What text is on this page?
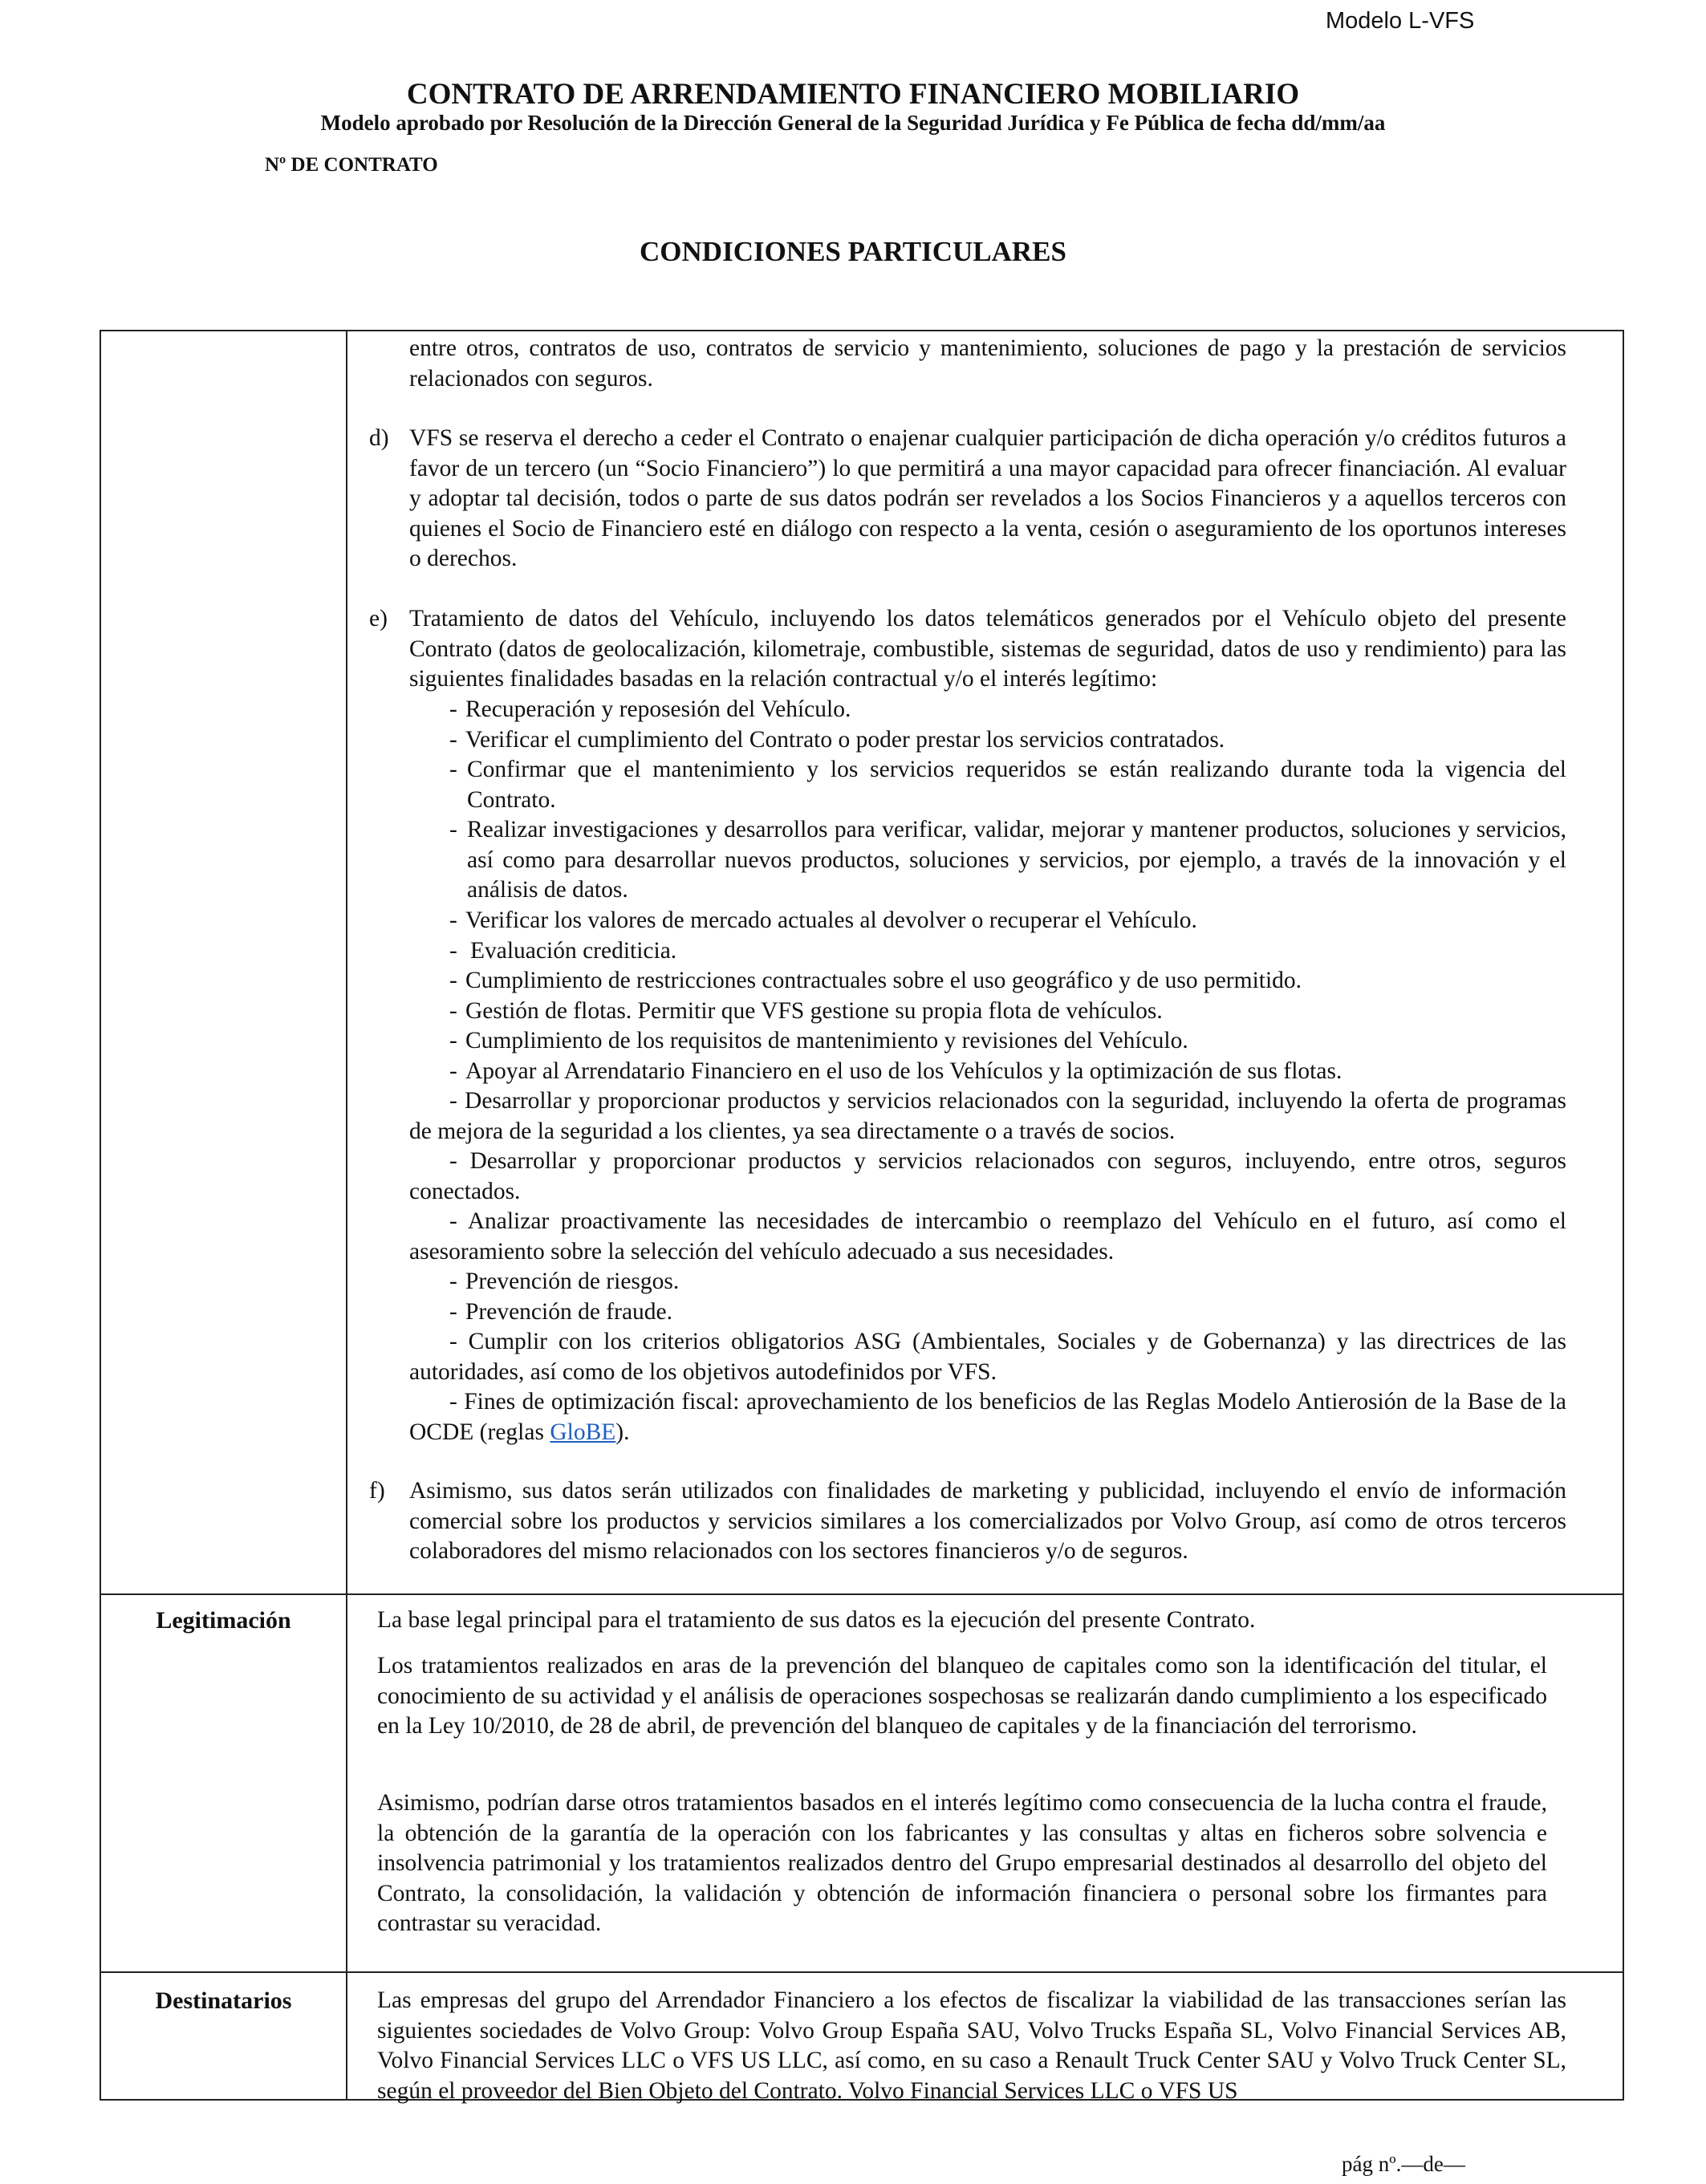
Modelo L-VFS
CONTRATO DE ARRENDAMIENTO FINANCIERO MOBILIARIO
Modelo aprobado por Resolución de la Dirección General de la Seguridad Jurídica y Fe Pública de fecha dd/mm/aa
Nº DE CONTRATO
CONDICIONES PARTICULARES

entre otros, contratos de uso, contratos de servicio y mantenimiento, soluciones de pago y la prestación de servicios relacionados con seguros.

d) VFS se reserva el derecho a ceder el Contrato o enajenar cualquier participación de dicha operación y/o créditos futuros a favor de un tercero (un “Socio Financiero”) lo que permitirá a una mayor capacidad para ofrecer financiación. Al evaluar y adoptar tal decisión, todos o parte de sus datos podrán ser revelados a los Socios Financieros y a aquellos terceros con quienes el Socio de Financiero esté en diálogo con respecto a la venta, cesión o aseguramiento de los oportunos intereses o derechos.

e) Tratamiento de datos del Vehículo, incluyendo los datos telemáticos generados por el Vehículo objeto del presente Contrato (datos de geolocalización, kilometraje, combustible, sistemas de seguridad, datos de uso y rendimiento) para las siguientes finalidades basadas en la relación contractual y/o el interés legítimo:

- Recuperación y reposesión del Vehículo.

- Verificar el cumplimiento del Contrato o poder prestar los servicios contratados.

- Confirmar que el mantenimiento y los servicios requeridos se están realizando durante toda la vigencia del Contrato.

- Realizar investigaciones y desarrollos para verificar, validar, mejorar y mantener productos, soluciones y servicios, así como para desarrollar nuevos productos, soluciones y servicios, por ejemplo, a través de la innovación y el análisis de datos.

- Verificar los valores de mercado actuales al devolver o recuperar el Vehículo.

- Evaluación crediticia.

- Cumplimiento de restricciones contractuales sobre el uso geográfico y de uso permitido.

- Gestión de flotas. Permitir que VFS gestione su propia flota de vehículos.

- Cumplimiento de los requisitos de mantenimiento y revisiones del Vehículo.

- Apoyar al Arrendatario Financiero en el uso de los Vehículos y la optimización de sus flotas.

- Desarrollar y proporcionar productos y servicios relacionados con la seguridad, incluyendo la oferta de programas de mejora de la seguridad a los clientes, ya sea directamente o a través de socios.

- Desarrollar y proporcionar productos y servicios relacionados con seguros, incluyendo, entre otros, seguros conectados.

- Analizar proactivamente las necesidades de intercambio o reemplazo del Vehículo en el futuro, así como el asesoramiento sobre la selección del vehículo adecuado a sus necesidades.

- Prevención de riesgos.

- Prevención de fraude.

- Cumplir con los criterios obligatorios ASG (Ambientales, Sociales y de Gobernanza) y las directrices de las autoridades, así como de los objetivos autodefinidos por VFS.

- Fines de optimización fiscal: aprovechamiento de los beneficios de las Reglas Modelo Antierosión de la Base de la OCDE (reglas GloBE).

f) Asimismo, sus datos serán utilizados con finalidades de marketing y publicidad, incluyendo el envío de información comercial sobre los productos y servicios similares a los comercializados por Volvo Group, así como de otros terceros colaboradores del mismo relacionados con los sectores financieros y/o de seguros.

Legitimación	La base legal principal para el tratamiento de sus datos es la ejecución del presente Contrato.

Los tratamientos realizados en aras de la prevención del blanqueo de capitales como son la identificación del titular, el conocimiento de su actividad y el análisis de operaciones sospechosas se realizarán dando cumplimiento a los especificado en la Ley 10/2010, de 28 de abril, de prevención del blanqueo de capitales y de la financiación del terrorismo.

Asimismo, podrían darse otros tratamientos basados en el interés legítimo como consecuencia de la lucha contra el fraude, la obtención de la garantía de la operación con los fabricantes y las consultas y altas en ficheros sobre solvencia e insolvencia patrimonial y los tratamientos realizados dentro del Grupo empresarial destinados al desarrollo del objeto del Contrato, la consolidación, la validación y obtención de información financiera o personal sobre los firmantes para contrastar su veracidad.

Destinatarios	Las empresas del grupo del Arrendador Financiero a los efectos de fiscalizar la viabilidad de las transacciones serían las siguientes sociedades de Volvo Group: Volvo Group España SAU, Volvo Trucks España SL, Volvo Financial Services AB, Volvo Financial Services LLC o VFS US LLC, así como, en su caso a Renault Truck Center SAU y Volvo Truck Center SL, según el proveedor del Bien Objeto del Contrato. Volvo Financial Services LLC o VFS US

pág nº.—de—
